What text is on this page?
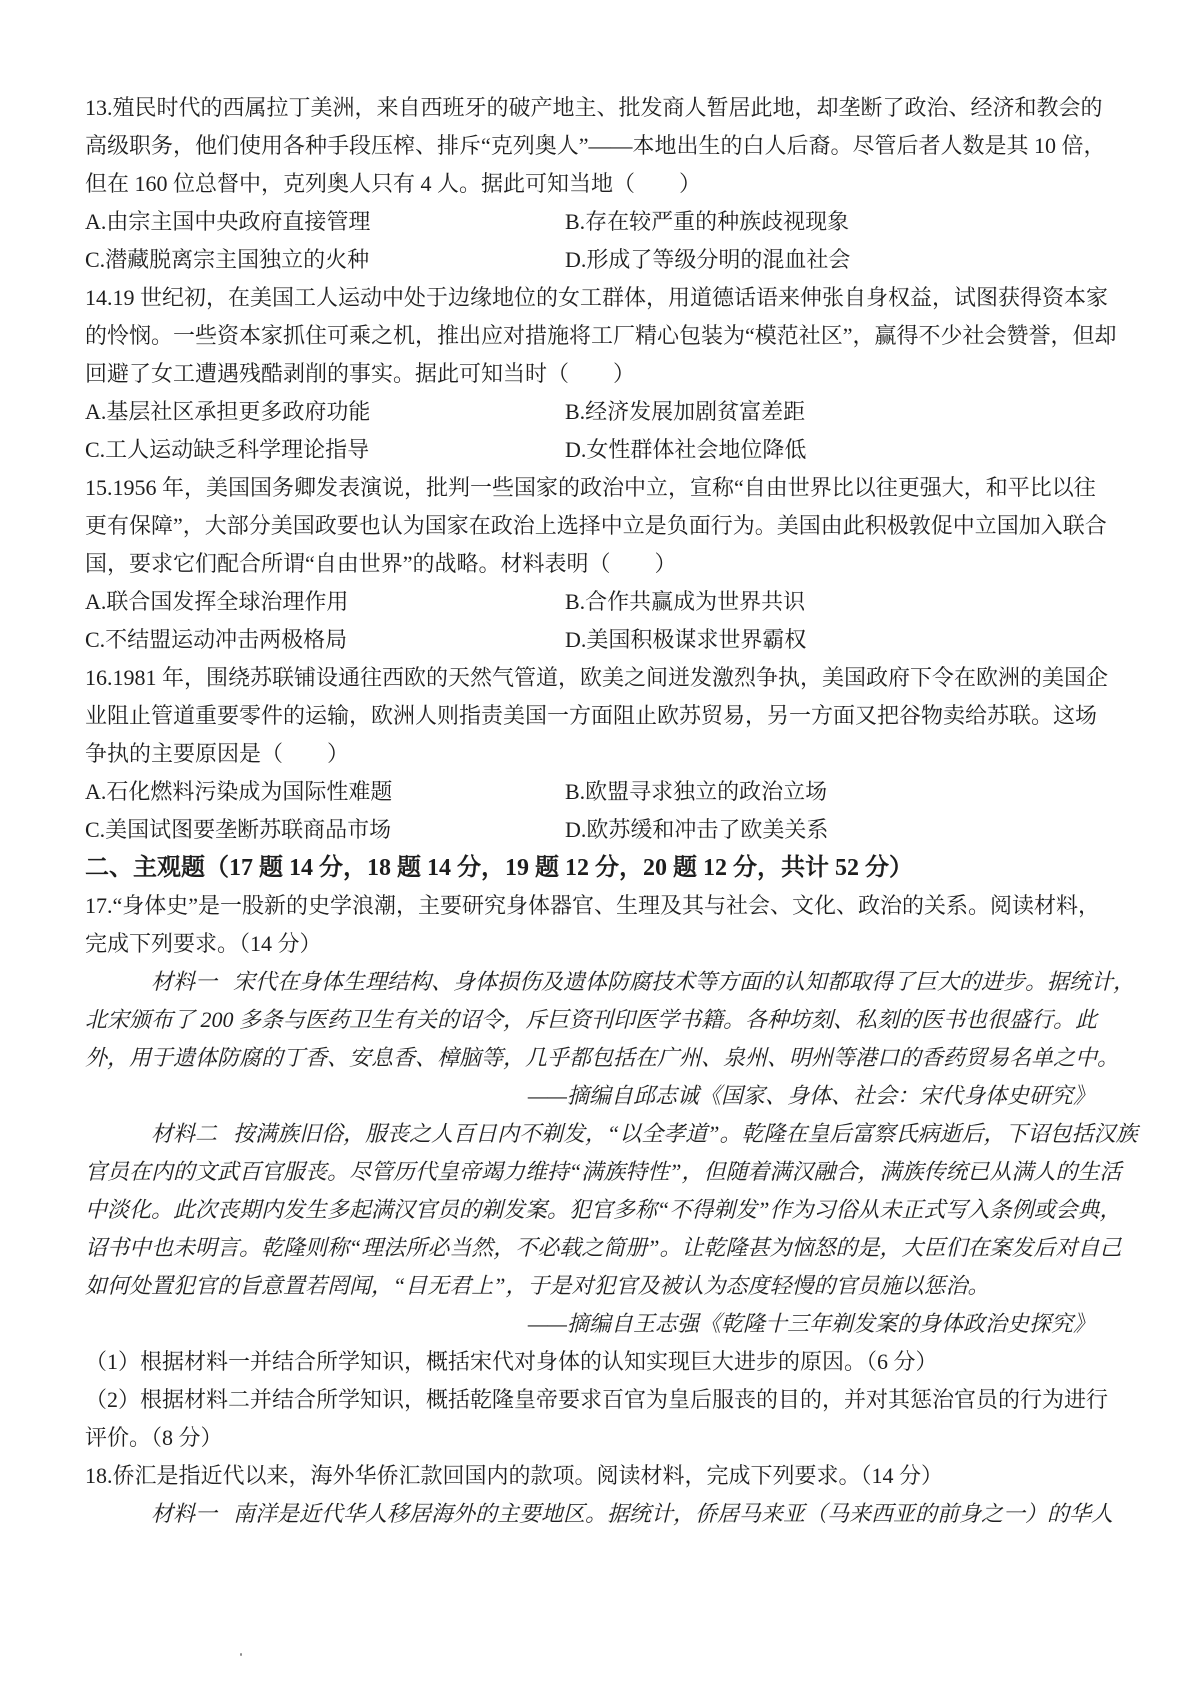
13.殖民时代的西属拉丁美洲，来自西班牙的破产地主、批发商人暂居此地，却垄断了政治、经济和教会的
高级职务，他们使用各种手段压榨、排斥“克列奥人”——本地出生的白人后裔。尽管后者人数是其 10 倍，
但在 160 位总督中，克列奥人只有 4 人。据此可知当地（　　）
A.由宗主国中央政府直接管理	B.存在较严重的种族歧视现象
C.潜藏脱离宗主国独立的火种	D.形成了等级分明的混血社会
14.19 世纪初，在美国工人运动中处于边缘地位的女工群体，用道德话语来伸张自身权益，试图获得资本家
的怜悯。一些资本家抓住可乘之机，推出应对措施将工厂精心包装为“模范社区”，赢得不少社会赞誉，但却
回避了女工遭遇残酷剥削的事实。据此可知当时（　　）
A.基层社区承担更多政府功能	B.经济发展加剧贫富差距
C.工人运动缺乏科学理论指导	D.女性群体社会地位降低
15.1956 年，美国国务卿发表演说，批判一些国家的政治中立，宣称“自由世界比以往更强大，和平比以往
更有保障”，大部分美国政要也认为国家在政治上选择中立是负面行为。美国由此积极敦促中立国加入联合
国，要求它们配合所谓“自由世界”的战略。材料表明（　　）
A.联合国发挥全球治理作用	B.合作共赢成为世界共识
C.不结盟运动冲击两极格局	D.美国积极谋求世界霸权
16.1981 年，围绕苏联铺设通往西欧的天然气管道，欧美之间迸发激烈争执，美国政府下令在欧洲的美国企
业阻止管道重要零件的运输，欧洲人则指责美国一方面阻止欧苏贸易，另一方面又把谷物卖给苏联。这场
争执的主要原因是（　　）
A.石化燃料污染成为国际性难题	B.欧盟寻求独立的政治立场
C.美国试图要垄断苏联商品市场	D.欧苏缓和冲击了欧美关系
二、主观题（17 题 14 分，18 题 14 分，19 题 12 分，20 题 12 分，共计 52 分）
17.“身体史”是一股新的史学浪潮，主要研究身体器官、生理及其与社会、文化、政治的关系。阅读材料，
完成下列要求。（14 分）
材料一 宋代在身体生理结构、身体损伤及遗体防腐技术等方面的认知都取得了巨大的进步。据统计，
北宋颁布了 200 多条与医药卫生有关的诏令，斥巨资刊印医学书籍。各种坊刻、私刻的医书也很盛行。此
外，用于遗体防腐的丁香、安息香、樟脑等，几乎都包括在广州、泉州、明州等港口的香药贸易名单之中。
——摘编自邱志诚《国家、身体、社会：宋代身体史研究》
材料二 按满族旧俗，服丧之人百日内不剃发，“以全孝道”。乾隆在皇后富察氏病逝后，下诏包括汉族
官员在内的文武百官服丧。尽管历代皇帝竭力维持“满族特性”，但随着满汉融合，满族传统已从满人的生活
中淡化。此次丧期内发生多起满汉官员的剃发案。犯官多称“不得剃发”作为习俗从未正式写入条例或会典，
诏书中也未明言。乾隆则称“理法所必当然，不必载之简册”。让乾隆甚为恼怒的是，大臣们在案发后对自己
如何处置犯官的旨意置若罔闻，“目无君上”，于是对犯官及被认为态度轻慢的官员施以惩治。
——摘编自王志强《乾隆十三年剃发案的身体政治史探究》
（1）根据材料一并结合所学知识，概括宋代对身体的认知实现巨大进步的原因。（6 分）
（2）根据材料二并结合所学知识，概括乾隆皇帝要求百官为皇后服丧的目的，并对其惩治官员的行为进行
评价。（8 分）
18.侨汇是指近代以来，海外华侨汇款回国内的款项。阅读材料，完成下列要求。（14 分）
材料一 南洋是近代华人移居海外的主要地区。据统计，侨居马来亚（马来西亚的前身之一）的华人
